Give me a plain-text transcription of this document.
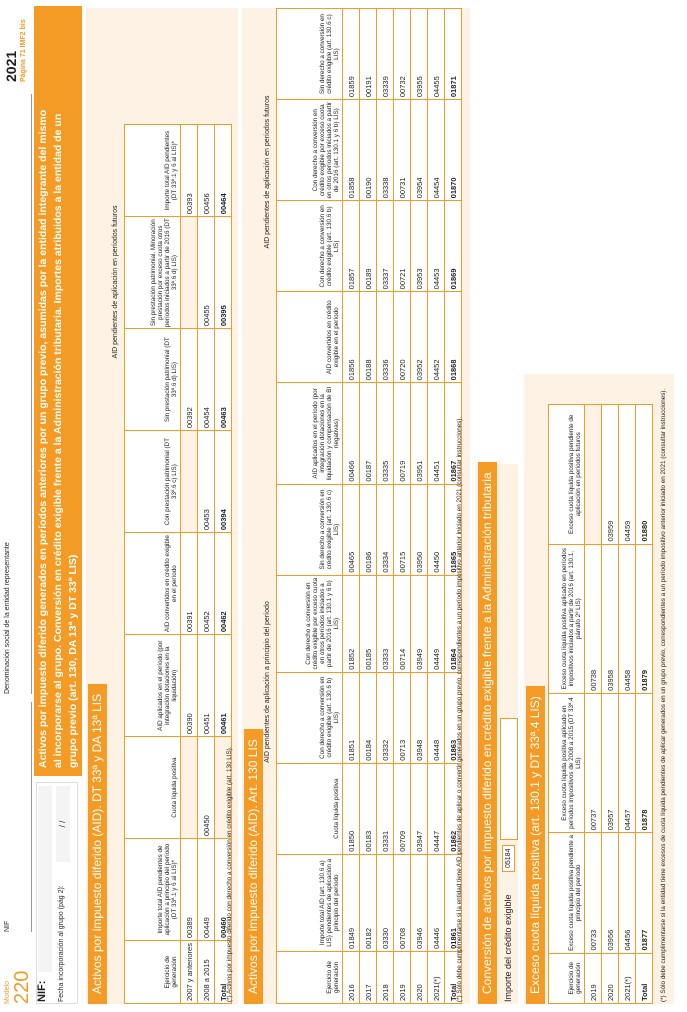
Modelo 220
NIF
Denominación social de la entidad representante
2021 Página 71 IMF2 bis
NIF: Fecha incorporación al grupo (pág 2):
/ /
Activos por impuesto diferido generados en períodos anteriores por un grupo previo, asumidas por la entidad integrante del mismo al incorporarse al grupo. Conversión en crédito exigible frente a la Administración tributaria. Importes atribuidos a la entidad de un grupo previo (art. 130, DA 13ª y DT 33ª LIS)
Activos por impuesto diferido (AID). DT 33ª y DA 13ª LIS
AID pendientes de aplicación en períodos futuros
Ejercicio de generación	Importe total AID pendientes de aplicación a principio del período (DT 33ª.1 y 6 al LIS)*	Cuota líquida positiva	AID aplicados en el período (por integración dotaciones en la liquidación)	AID convertidos en crédito exigible en el período	Con prestación patrimonial (DT 33ª.6 c) LIS)	Sin prestación patrimonial (DT 33ª.6 d) LIS)	Sin prestación patrimonial. Minoración prestación por exceso cuota otros períodos iniciados a partir de 2016 (DT 33ª.6 d) LIS)	Importe total AID pendientes (DT 33ª.1 y 6 al LIS)*
2007 y anteriores	00389		00390	00391		00392		00393
2008 a 2015	00449	00450	00451	00452	00453	00454	00455	00456
Total	00460		00461	00462	00394	00463	00395	00464
(*) Activos por impuesto diferido con derecho a conversión en crédito exigible (art. 130 LIS). Activos por impuesto diferido (AID). Art. 130 LIS
AID pendientes de aplicación a principio del período
AID pendientes de aplicación en períodos futuros
Ejercicio de generación	Importe total AID (art. 130.6 a) LIS) pendientes de aplicación a principio del período	Cuota líquida positiva	Con derecho a conversión en crédito exigible (art. 130.6 b) LIS)	Con derecho a conversión en crédito exigible por exceso cuota en otros períodos iniciados a partir de 2016 (art. 130.1 y 6 b) LIS)	Sin derecho a conversión en crédito exigible (art. 130.6 c) LIS)	AID aplicados en el período (por integración dotaciones en la liquidación y compensación de BI negativas)	AID convertidos en crédito exigible en el período	Con derecho a conversión en crédito exigible (art. 130.6 b) LIS)	Con derecho a conversión en crédito exigible por exceso cuota en otros períodos iniciados a partir de 2016 (art. 130.1 y 6 b) LIS)	Sin derecho a conversión en crédito exigible (art. 130.6 c) LIS)
2016	01849	01850	01851	01852	00465	00466	01856	01857	01858	01859
2017	00182	00183	00184	00185	00186	00187	00188	00189	00190	00191
2018	03330	03331	03332	03333	03334	03335	03336	03337	03338	03339
2019	00708	00709	00713	00714	00715	00719	00720	00721	00731	00732
2020	03946	03947	03948	03949	03950	03951	03952	03953	03954	03955
2021(*)	04446	04447	04448	04449	04450	04451	04452	04453	04454	04455
Total	01861	01862	01863	01864	01865	01867	01868	01869	01870	01871
(*) Sólo debe cumplimentarse si la entidad tiene AID pendientes de aplicar o convertir generados en un grupo previo, correspondientes a un período impositivo anterior iniciado en 2021 (consultar instrucciones). Conversión de activos por impuesto diferido en crédito exigible frente a la Administración tributaria	Importe del crédito exigible
05184 Exceso cuota líquida positiva (art. 130.1 y DT 33ª.4 LIS)	Ejercicio de generación	Exceso cuota líquida positiva pendiente a principio del período	Exceso cuota líquida positiva aplicado en períodos impositivos de 2008 a 2015 (DT 33ª.4 LIS)	Exceso cuota líquida positiva aplicado en períodos impositivos iniciados a partir de 2016 (art. 130.1, párrafo 2º LIS)	Exceso cuota líquida positiva pendiente de aplicación en períodos futuros
2019	00733	00737	00738	
2020	03956	03957	03958	03959
2021(*)	04456	04457	04458	04459
Total	01877	01878	01879	01880 (*) Sólo debe cumplimentarse si la entidad tiene excesos de cuota líquida pendientes de aplicar generados en un grupo previo, correspondientes a un período impositivo anterior iniciado en 2021 (consultar instrucciones).
